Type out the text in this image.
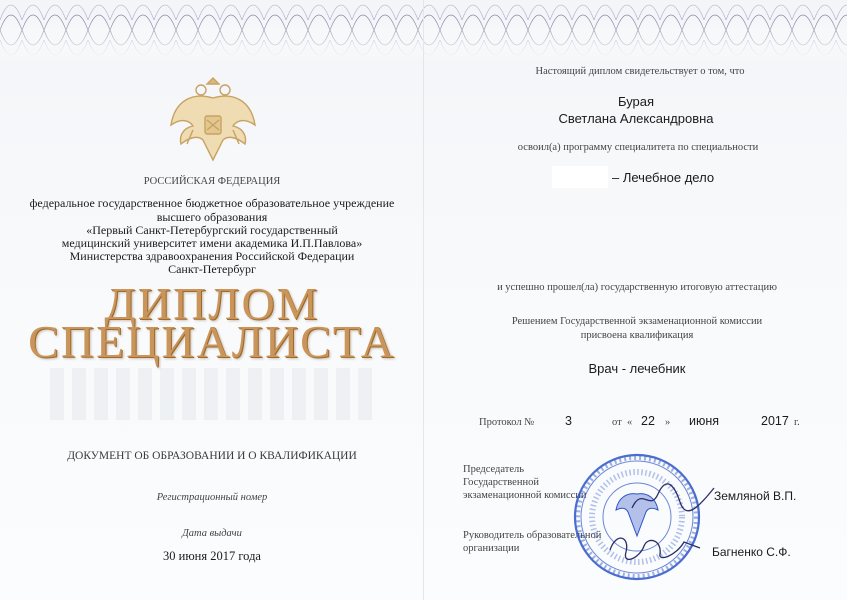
РОССИЙСКАЯ ФЕДЕРАЦИЯ
федеральное государственное бюджетное образовательное учреждение
высшего образования
«Первый Санкт-Петербургский государственный
медицинский университет имени академика И.П.Павлова»
Министерства здравоохранения Российской Федерации
Санкт-Петербург
ДИПЛОМ
СПЕЦИАЛИСТА
ДОКУМЕНТ ОБ ОБРАЗОВАНИИ И О КВАЛИФИКАЦИИ
Регистрационный номер
Дата выдачи
30 июня 2017 года
Настоящий диплом свидетельствует о том, что
Бурая
Светлана Александровна
освоил(а) программу специалитета по специальности
– Лечебное дело
и успешно прошел(ла) государственную итоговую аттестацию
Решением Государственной экзаменационной комиссии
присвоена квалификация
Врач - лечебник
Протокол № 3	от « 22 » июня	2017 г.
Председатель
Государственной
экзаменационной комиссии	Земляной В.П.
Руководитель образовательной
организации	Багненко С.Ф.
